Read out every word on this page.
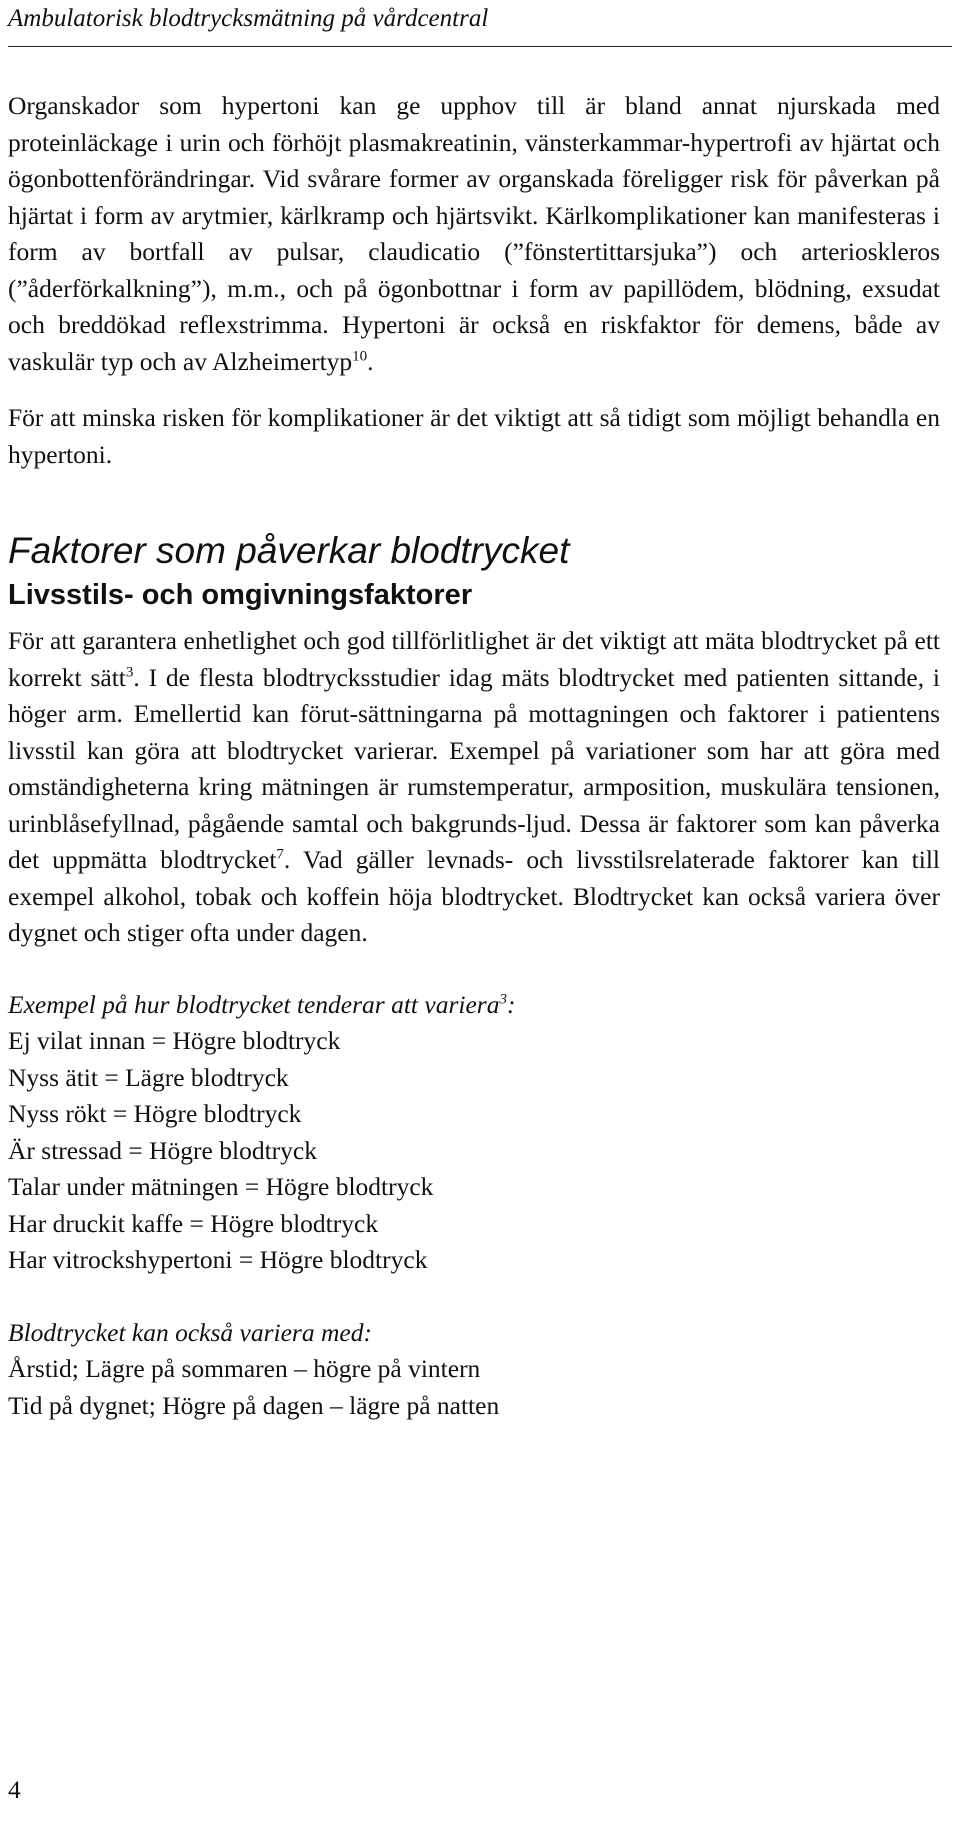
Ambulatorisk blodtrycksmätning på vårdcentral

Organskador som hypertoni kan ge upphov till är bland annat njurskada med proteinläckage i urin och förhöjt plasmakreatinin, vänsterkammar-hypertrofi av hjärtat och ögonbottenförändringar. Vid svårare former av organskada föreligger risk för påverkan på hjärtat i form av arytmier, kärlkramp och hjärtsvikt. Kärlkomplikationer kan manifesteras i form av bortfall av pulsar, claudicatio (”fönstertittarsjuka”) och arterioskleros (”åderförkalkning”), m.m., och på ögonbottnar i form av papillödem, blödning, exsudat och breddökad reflexstrimma. Hypertoni är också en riskfaktor för demens, både av vaskulär typ och av Alzheimertyp$^{10}$.

För att minska risken för komplikationer är det viktigt att så tidigt som möjligt behandla en hypertoni.

Faktorer som påverkar blodtrycket
Livsstils- och omgivningsfaktorer

För att garantera enhetlighet och god tillförlitlighet är det viktigt att mäta blodtrycket på ett korrekt sätt$^3$. I de flesta blodtrycksstudier idag mäts blodtrycket med patienten sittande, i höger arm. Emellertid kan förut-sättningarna på mottagningen och faktorer i patientens livsstil kan göra att blodtrycket varierar. Exempel på variationer som har att göra med omständigheterna kring mätningen är rumstemperatur, armposition, muskulära tensionen, urinblåsefyllnad, pågående samtal och bakgrunds-ljud. Dessa är faktorer som kan påverka det uppmätta blodtrycket$^7$. Vad gäller levnads- och livsstilsrelaterade faktorer kan till exempel alkohol, tobak och koffein höja blodtrycket. Blodtrycket kan också variera över dygnet och stiger ofta under dagen.

Exempel på hur blodtrycket tenderar att variera$^3$:

Ej vilat innan = Högre blodtryck
Nyss ätit = Lägre blodtryck
Nyss rökt = Högre blodtryck
Är stressad = Högre blodtryck
Talar under mätningen = Högre blodtryck
Har druckit kaffe = Högre blodtryck
Har vitrockshypertoni = Högre blodtryck

Blodtrycket kan också variera med:

Årstid; Lägre på sommaren – högre på vintern
Tid på dygnet; Högre på dagen – lägre på natten
4
